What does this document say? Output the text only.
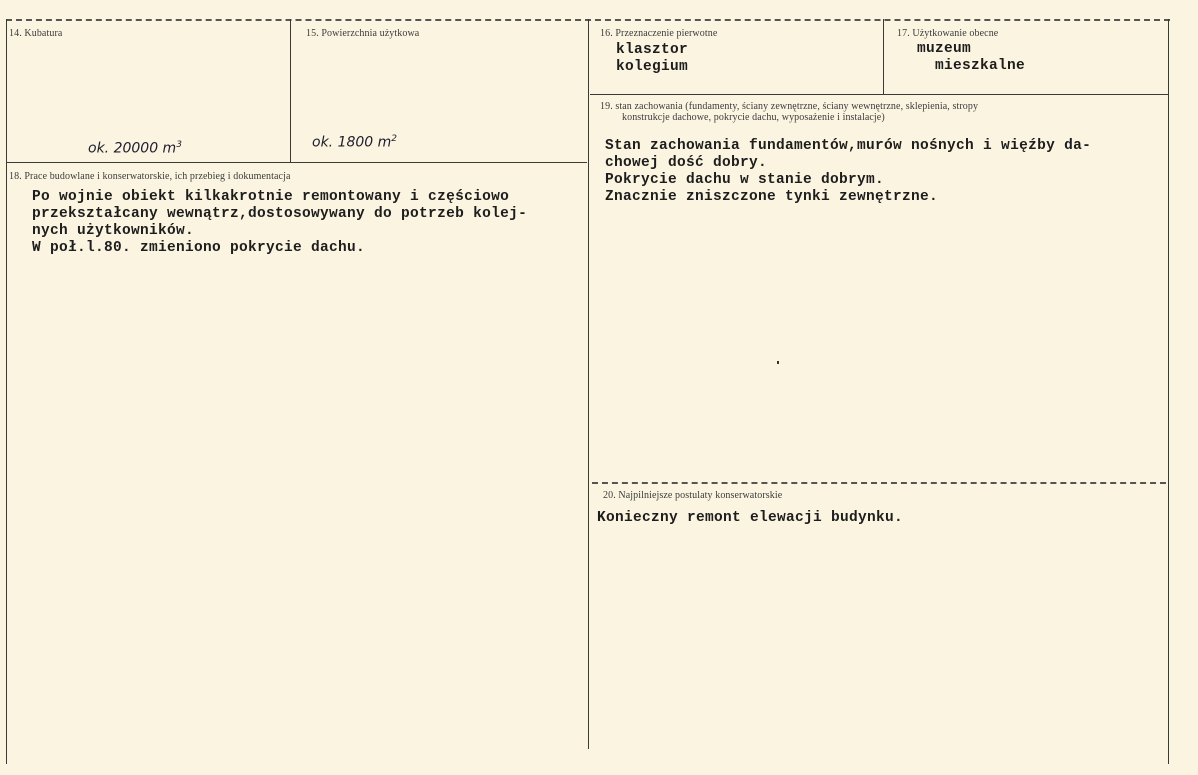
14. Kubatura
ok. 20000 $m^3$
15. Powierzchnia użytkowa
ok. 1800 $m^2$
16. Przeznaczenie pierwotne
klasztor
kolegium
17. Użytkowanie obecne
muzeum
mieszkalne
18. Prace budowlane i konserwatorskie, ich przebieg i dokumentacja
Po wojnie obiekt kilkakrotnie remontowany i częściowo
przekształcany wewnątrz,dostosowywany do potrzeb kolej-
nych użytkowników.
W poł.l.80. zmieniono pokrycie dachu.
19. stan zachowania (fundamenty, ściany zewnętrzne, ściany wewnętrzne, sklepienia, stropy
konstrukcje dachowe, pokrycie dachu, wyposażenie i instalacje)
Stan zachowania fundamentów,murów nośnych i więźby da-
chowej dość dobry.
Pokrycie dachu w stanie dobrym.
Znacznie zniszczone tynki zewnętrzne.
20. Najpilniejsze postulaty konserwatorskie
Konieczny remont elewacji budynku.
